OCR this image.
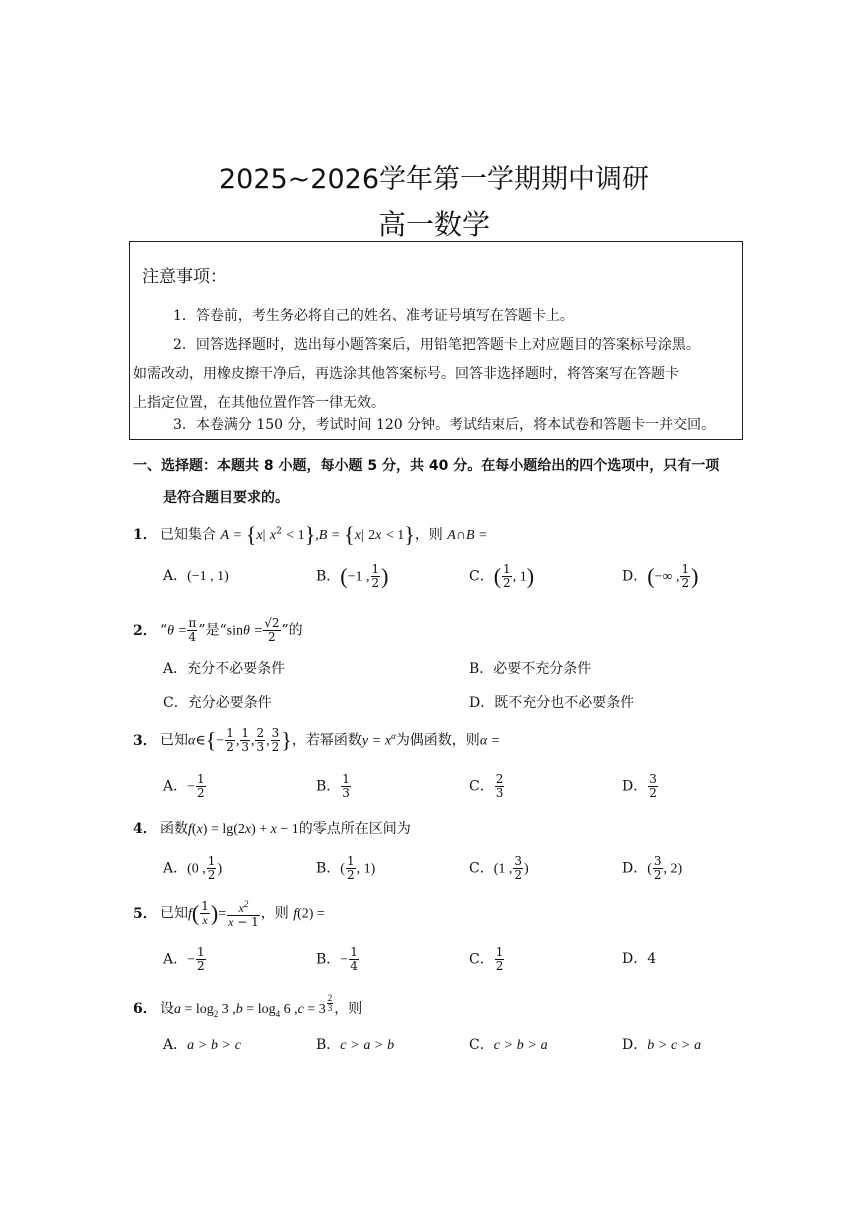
2025~2026学年第一学期期中调研
高一数学
注意事项：
1．答卷前，考生务必将自己的姓名、准考证号填写在答题卡上。
2．回答选择题时，选出每小题答案后，用铅笔把答题卡上对应题目的答案标号涂黑。
如需改动，用橡皮擦干净后，再选涂其他答案标号。回答非选择题时，将答案写在答题卡
上指定位置，在其他位置作答一律无效。
3．本卷满分 150 分，考试时间 120 分钟。考试结束后，将本试卷和答题卡一并交回。
一、选择题：本题共 8 小题，每小题 5 分，共 40 分。在每小题给出的四个选项中，只有一项
是符合题目要求的。
1． 已知集合 A = {x| $x^2 < 1\},B = \{x|$ 2x < 1}，则 A∩B =
A．(−1 , 1)	B．(−1 , $\frac{1}{2}$ )	C．( $\frac{1}{2}$ , 1)	D．(−∞ , $\frac{1}{2}$ )
2． “$\theta = \frac{\pi}{4}$ ”是“$\sin\theta = \frac{√2}{2}$ ”的
A．充分不必要条件	B．必要不充分条件
C．充分必要条件	D．既不充分也不必要条件
3． 已知α∈{− $\frac{1}{2}$ , $\frac{1}{3}$ , $\frac{2}{3}$ , $\frac{3}{2}$ }，若幂函数$y = x^\alpha$为偶函数，则α =
A．− $\frac{1}{2}$	B． $\frac{1}{3}$	C． $\frac{2}{3}$	D． $\frac{3}{2}$
4． 函数f(x) = lg(2x) + x − 1的零点所在区间为
A．(0 , $\frac{1}{2}$ )	B．( $\frac{1}{2}$ , 1)	C．(1 , $\frac{3}{2}$ )	D．( $\frac{3}{2}$ , 2)
5． 已知$f( \frac{1}{x}$ )= $\frac{x^2}{x - 1}$ ，则 f(2) =
A．− $\frac{1}{2}$	B．− $\frac{1}{4}$	C． $\frac{1}{2}$	D．4
6． 设$a = \log_2 3$ $,b = \log_4 6$ ,c = 3 $^{\frac{2}{3}}$ ，则
A．a > b > c	B．c > a > b	C．c > b > a	D．b > c > a
